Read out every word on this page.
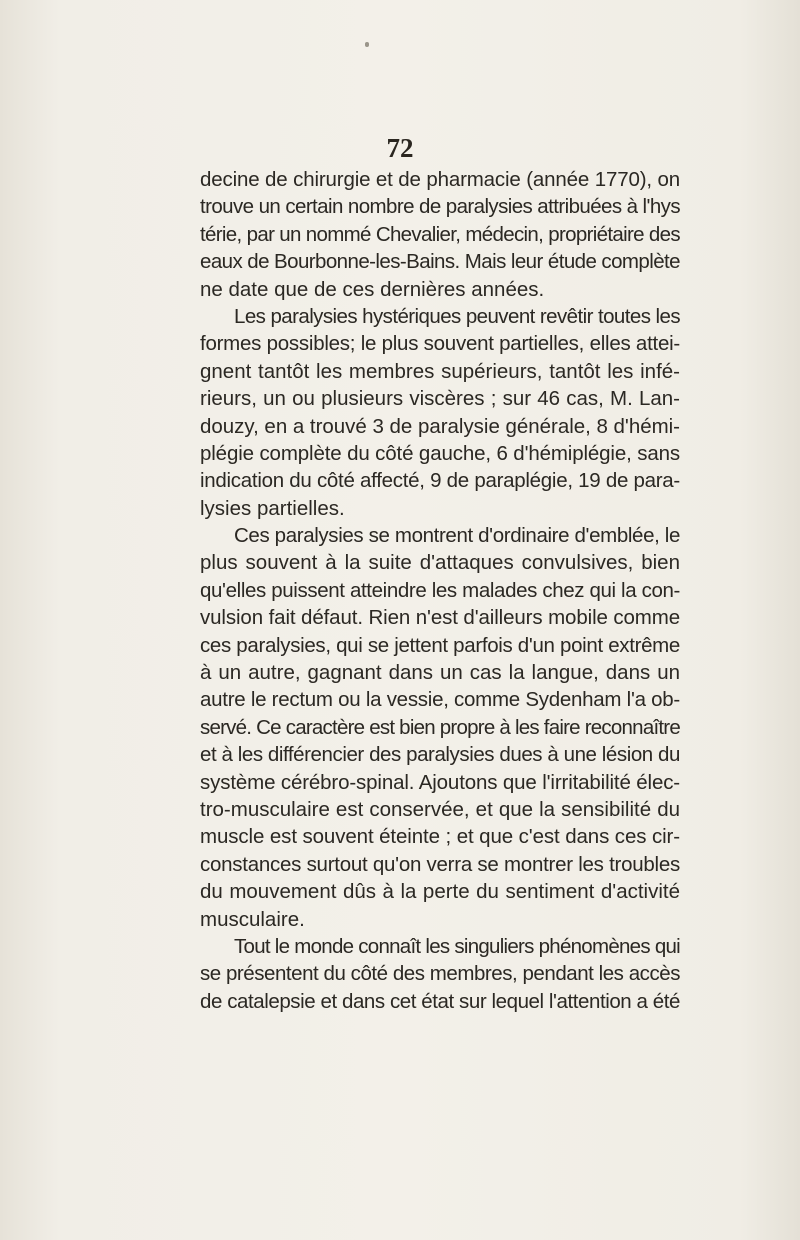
72
decine de chirurgie et de pharmacie (année 1770), on
trouve un certain nombre de paralysies attribuées à l'hys
térie, par un nommé Chevalier, médecin, propriétaire des
eaux de Bourbonne-les-Bains. Mais leur étude complète
ne date que de ces dernières années.
Les paralysies hystériques peuvent revêtir toutes les
formes possibles; le plus souvent partielles, elles attei-
gnent tantôt les membres supérieurs, tantôt les infé-
rieurs, un ou plusieurs viscères ; sur 46 cas, M. Lan-
douzy, en a trouvé 3 de paralysie générale, 8 d'hémi-
plégie complète du côté gauche, 6 d'hémiplégie, sans
indication du côté affecté, 9 de paraplégie, 19 de para-
lysies partielles.
Ces paralysies se montrent d'ordinaire d'emblée, le
plus souvent à la suite d'attaques convulsives, bien
qu'elles puissent atteindre les malades chez qui la con-
vulsion fait défaut. Rien n'est d'ailleurs mobile comme
ces paralysies, qui se jettent parfois d'un point extrême
à un autre, gagnant dans un cas la langue, dans un
autre le rectum ou la vessie, comme Sydenham l'a ob-
servé. Ce caractère est bien propre à les faire reconnaître
et à les différencier des paralysies dues à une lésion du
système cérébro-spinal. Ajoutons que l'irritabilité élec-
tro-musculaire est conservée, et que la sensibilité du
muscle est souvent éteinte ; et que c'est dans ces cir-
constances surtout qu'on verra se montrer les troubles
du mouvement dûs à la perte du sentiment d'activité
musculaire.
Tout le monde connaît les singuliers phénomènes qui
se présentent du côté des membres, pendant les accès
de catalepsie et dans cet état sur lequel l'attention a été
